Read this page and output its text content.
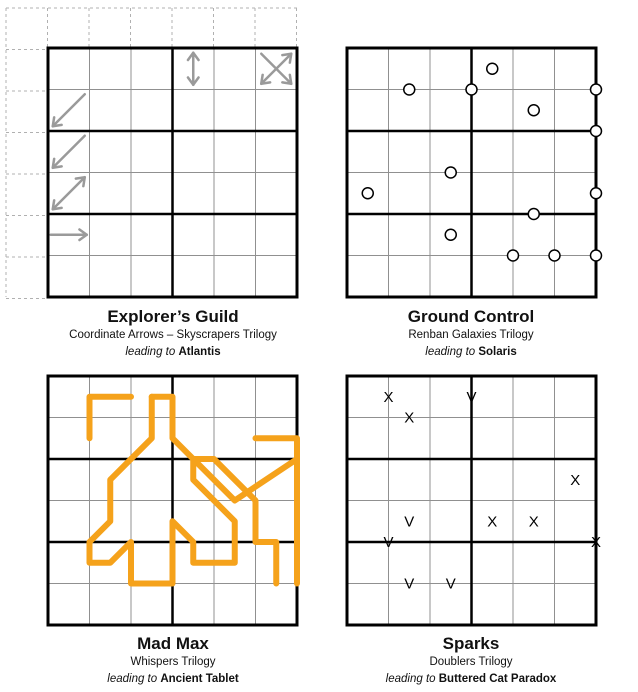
Explorer’s Guild
Coordinate Arrows – Skyscrapers Trilogy
leading to Atlantis
Ground Control
Renban Galaxies Trilogy
leading to Solaris
Mad Max
Whispers Trilogy
leading to Ancient Tablet
X
X
V
X
V	X X
V	X
V V
Sparks
Doublers Trilogy
leading to Buttered Cat Paradox
